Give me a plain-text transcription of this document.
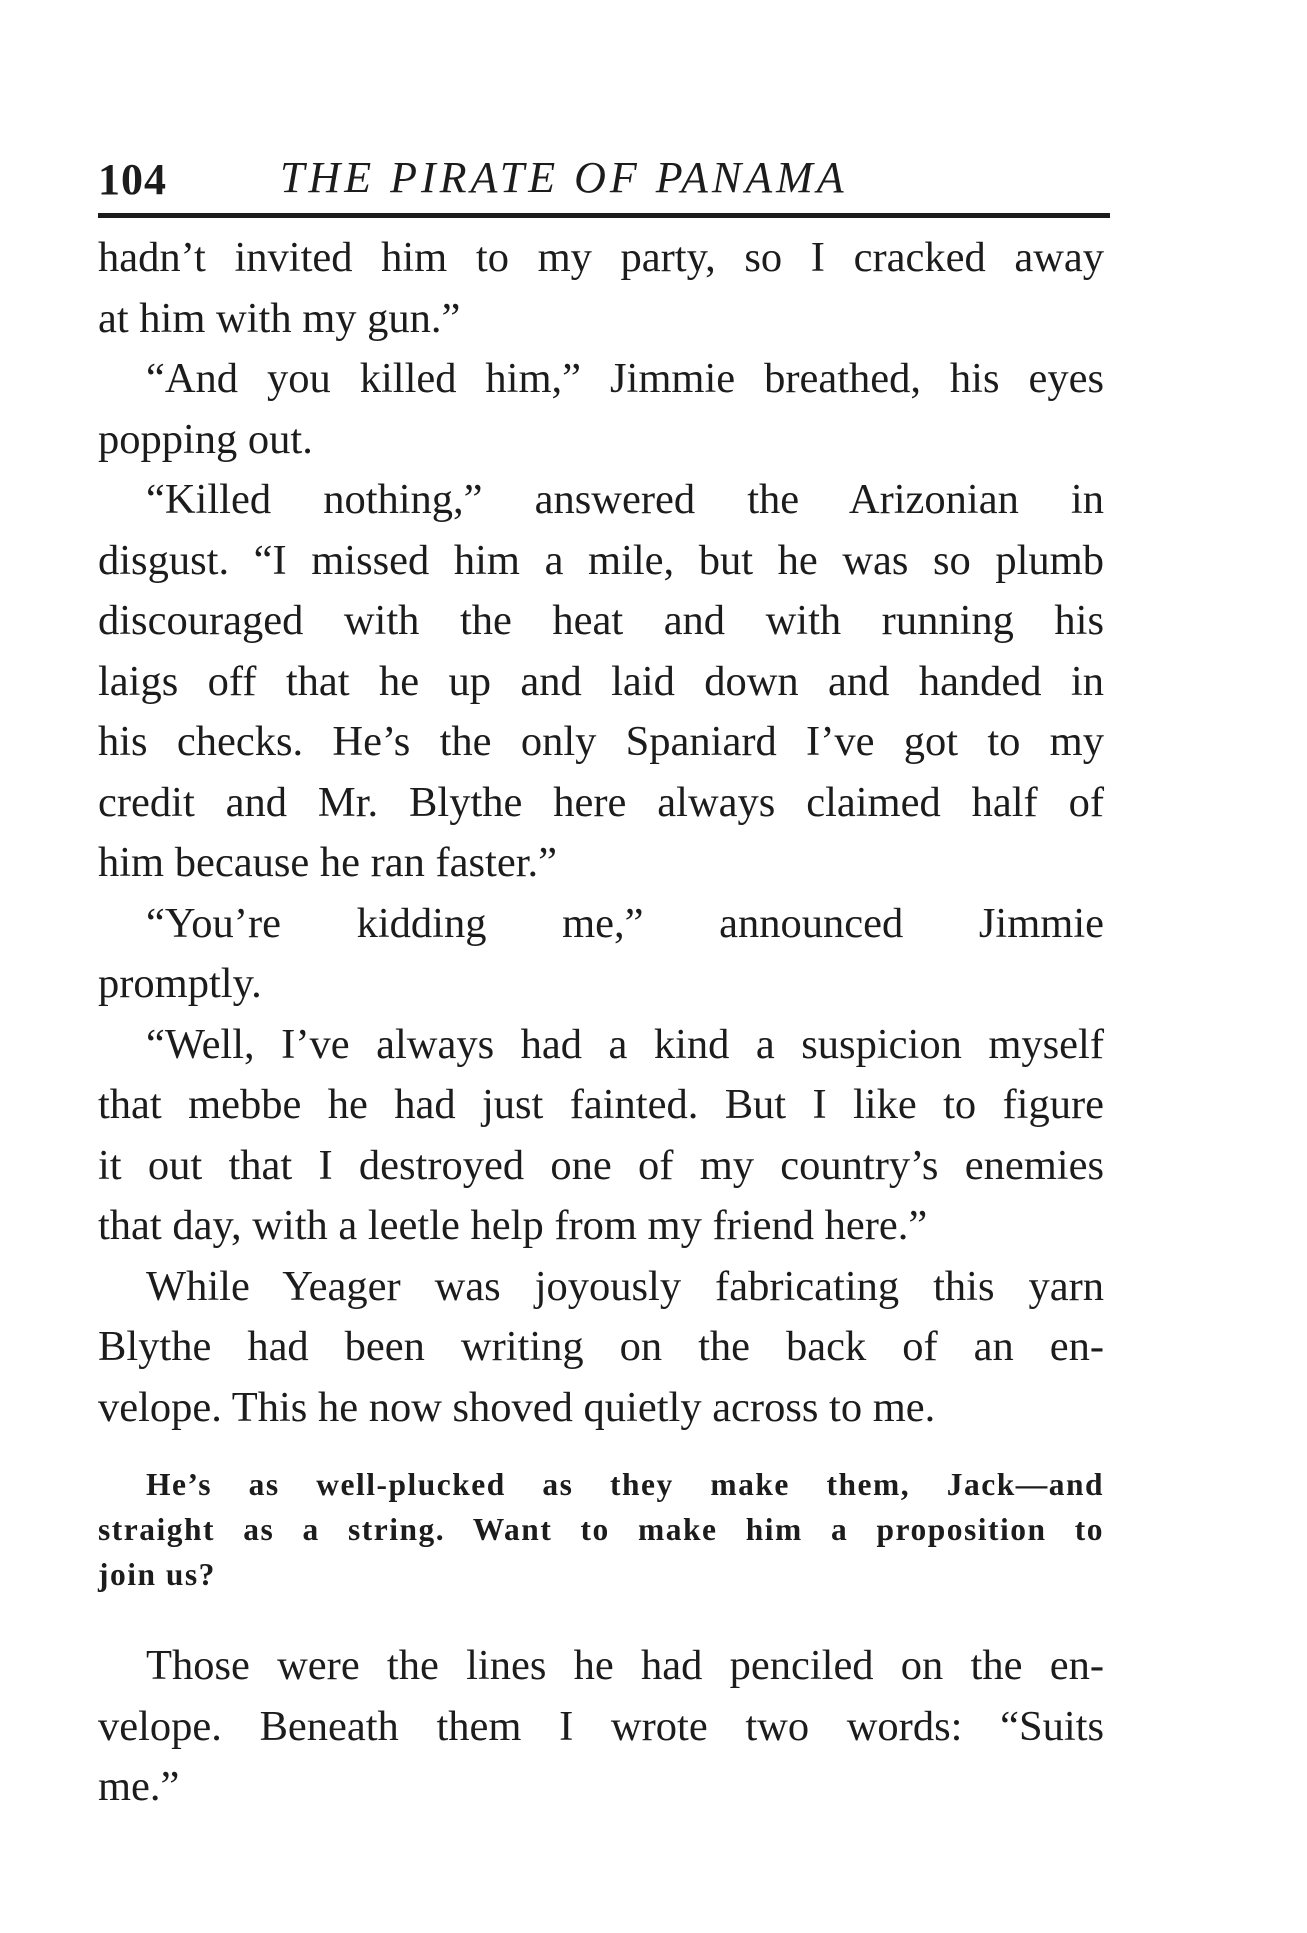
104	THE PIRATE OF PANAMA
hadn’t invited him to my party, so I cracked away
at him with my gun.”
“And you killed him,” Jimmie breathed, his eyes
popping out.
“Killed nothing,” answered the Arizonian in
disgust. “I missed him a mile, but he was so plumb
discouraged with the heat and with running his
laigs off that he up and laid down and handed in
his checks. He’s the only Spaniard I’ve got to my
credit and Mr. Blythe here always claimed half of
him because he ran faster.”
“You’re kidding me,” announced Jimmie
promptly.
“Well, I’ve always had a kind a suspicion myself
that mebbe he had just fainted. But I like to figure
it out that I destroyed one of my country’s enemies
that day, with a leetle help from my friend here.”
While Yeager was joyously fabricating this yarn
Blythe had been writing on the back of an en-
velope. This he now shoved quietly across to me.
He’s as well-plucked as they make them, Jack—and
straight as a string. Want to make him a proposition to
join us?
Those were the lines he had penciled on the en-
velope. Beneath them I wrote two words: “Suits
me.”
